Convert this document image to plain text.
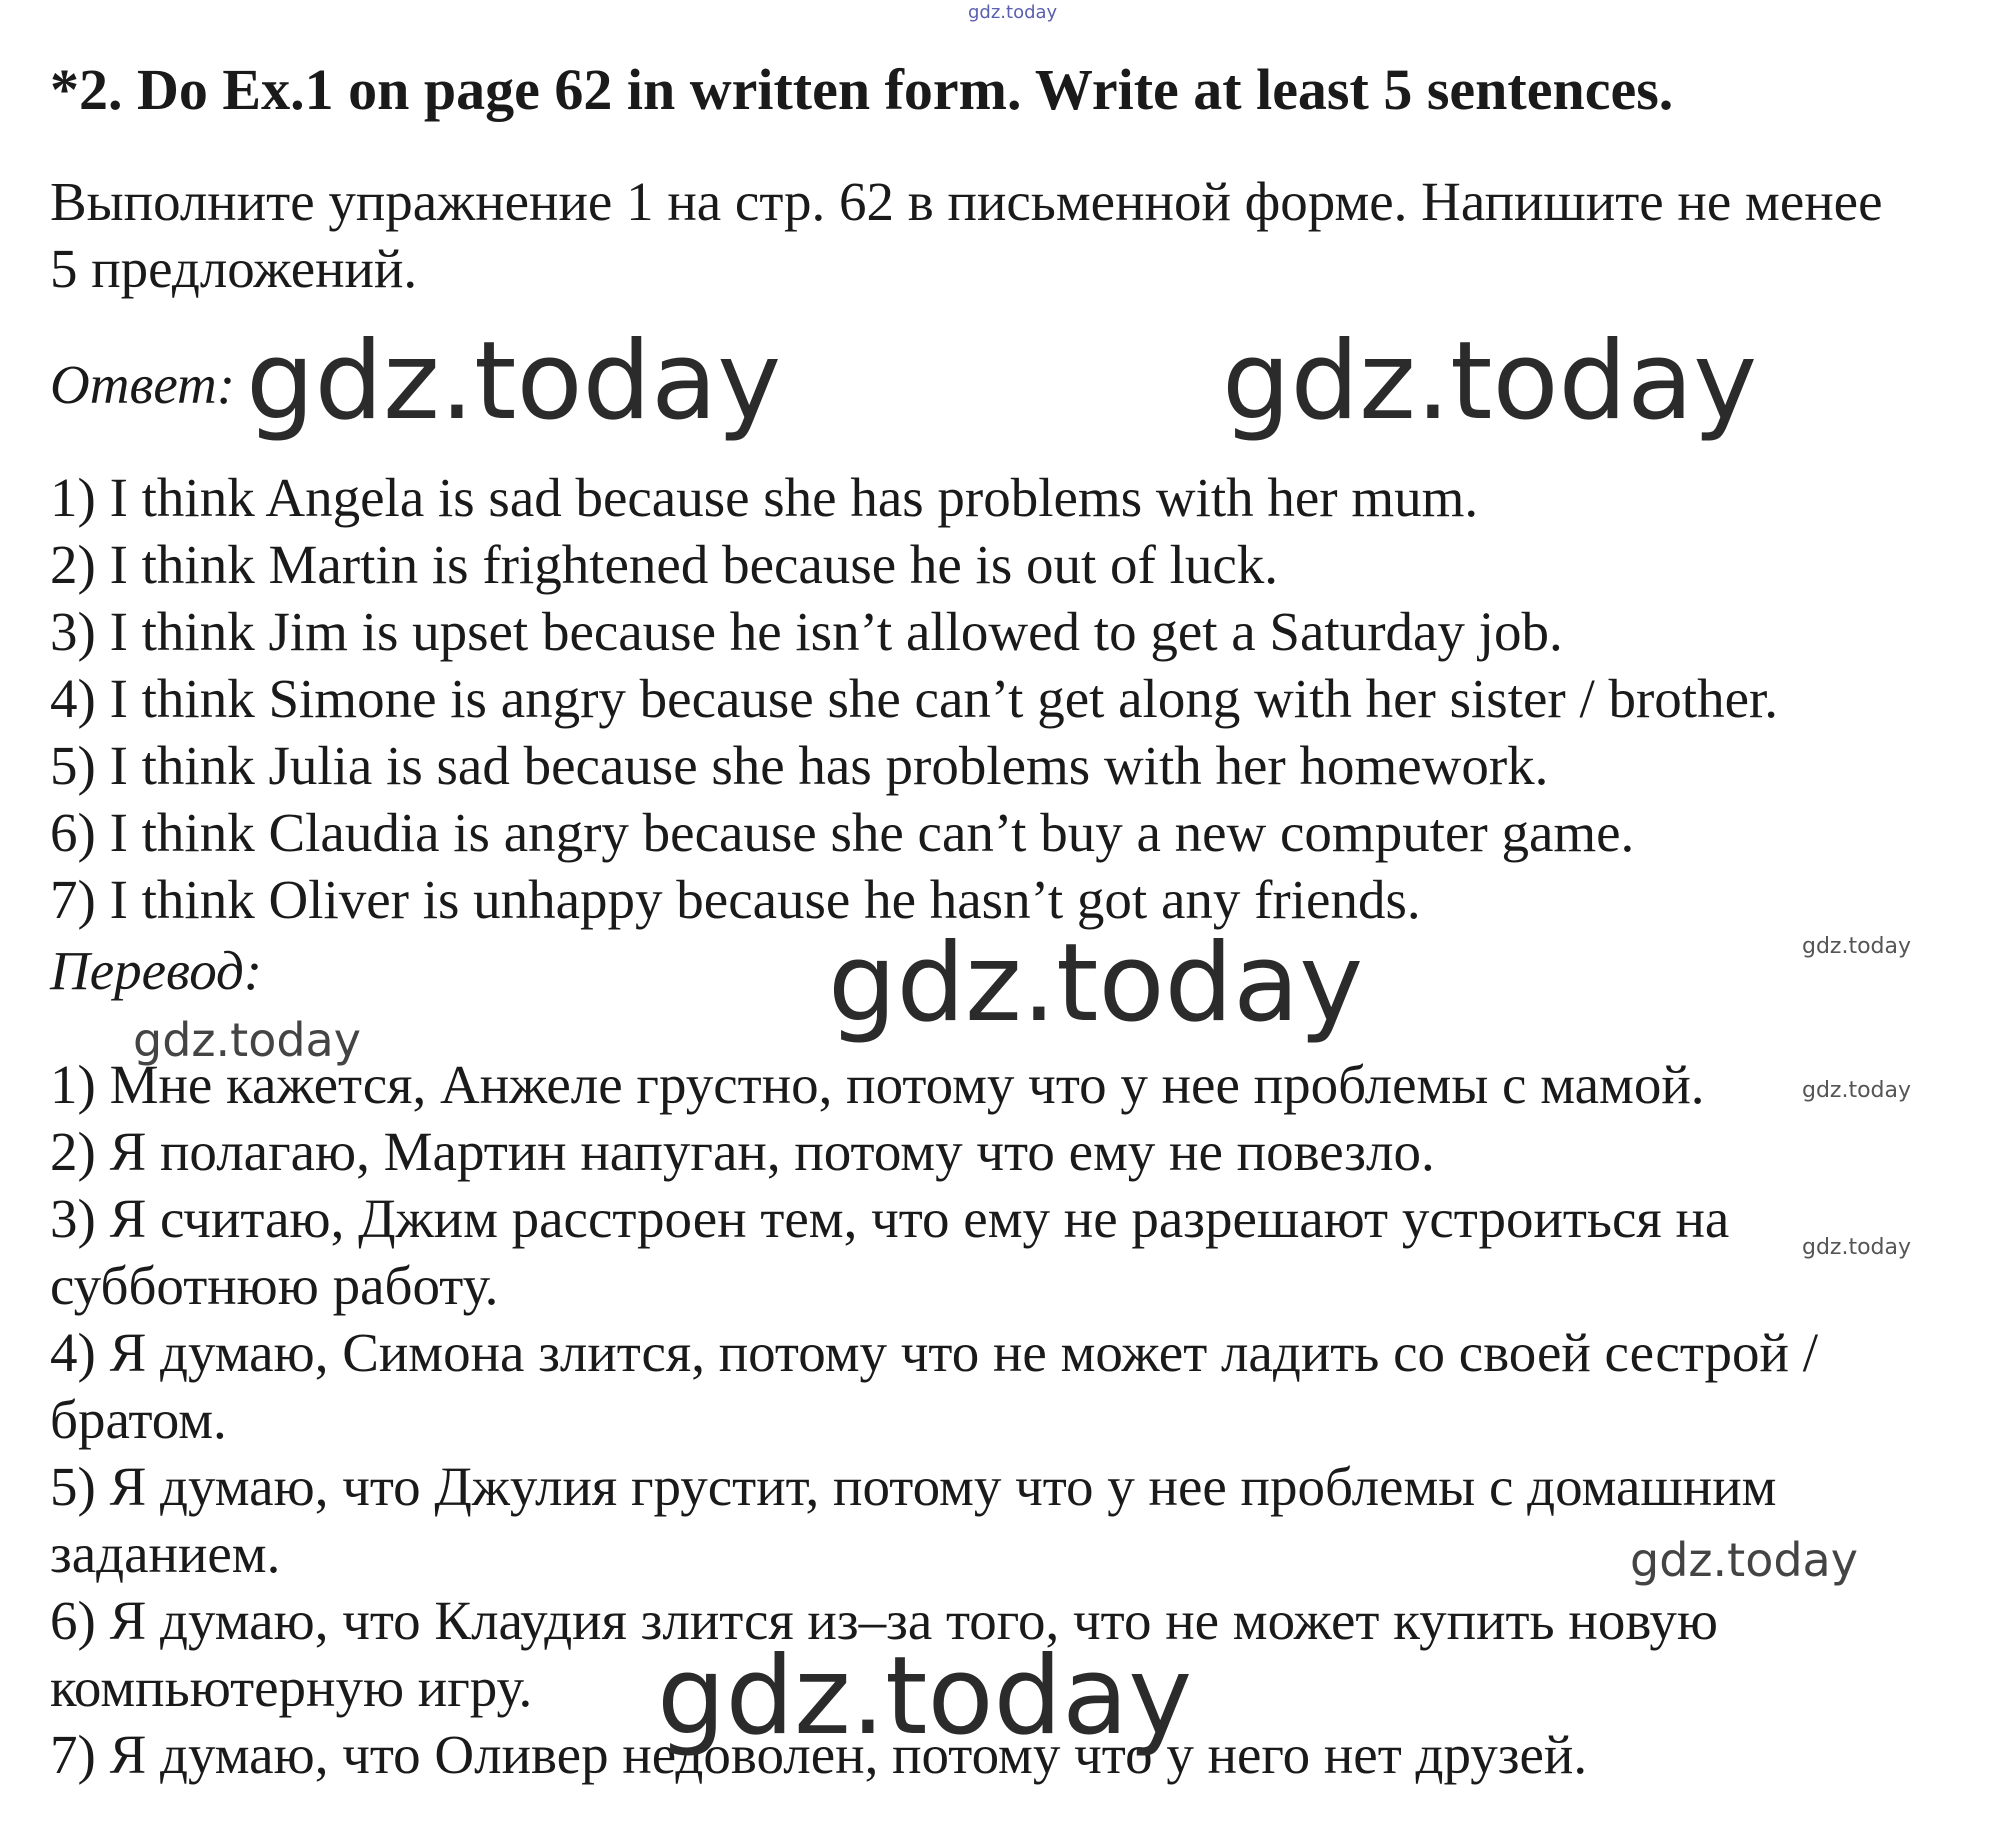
gdz.today
*2. Do Ex.1 on page 62 in written form. Write at least 5 sentences.
Выполните упражнение 1 на стр. 62 в письменной форме. Напишите не менее
5 предложений.
Ответ: gdz.today	gdz.today
1) I think Angela is sad because she has problems with her mum.
2) I think Martin is frightened because he is out of luck.
3) I think Jim is upset because he isn’t allowed to get a Saturday job.
4) I think Simone is angry because she can’t get along with her sister / brother.
5) I think Julia is sad because she has problems with her homework.
6) I think Claudia is angry because she can’t buy a new computer game.
7) I think Oliver is unhappy because he hasn’t got any friends.
Перевод:	gdz.today
gdz.today
gdz.today
1) Мне кажется, Анжеле грустно, потому что у нее проблемы с мамой.
2) Я полагаю, Мартин напуган, потому что ему не повезло.
3) Я считаю, Джим расстроен тем, что ему не разрешают устроиться на
субботнюю работу.
4) Я думаю, Симона злится, потому что не может ладить со своей сестрой /
братом.
5) Я думаю, что Джулия грустит, потому что у нее проблемы с домашним
заданием.
6) Я думаю, что Клаудия злится из–за того, что не может купить новую
компьютерную игру.
7) Я думаю, что Оливер недоволен, потому что у него нет друзей.
gdz.today
gdz.today
gdz.today
gdz.today
